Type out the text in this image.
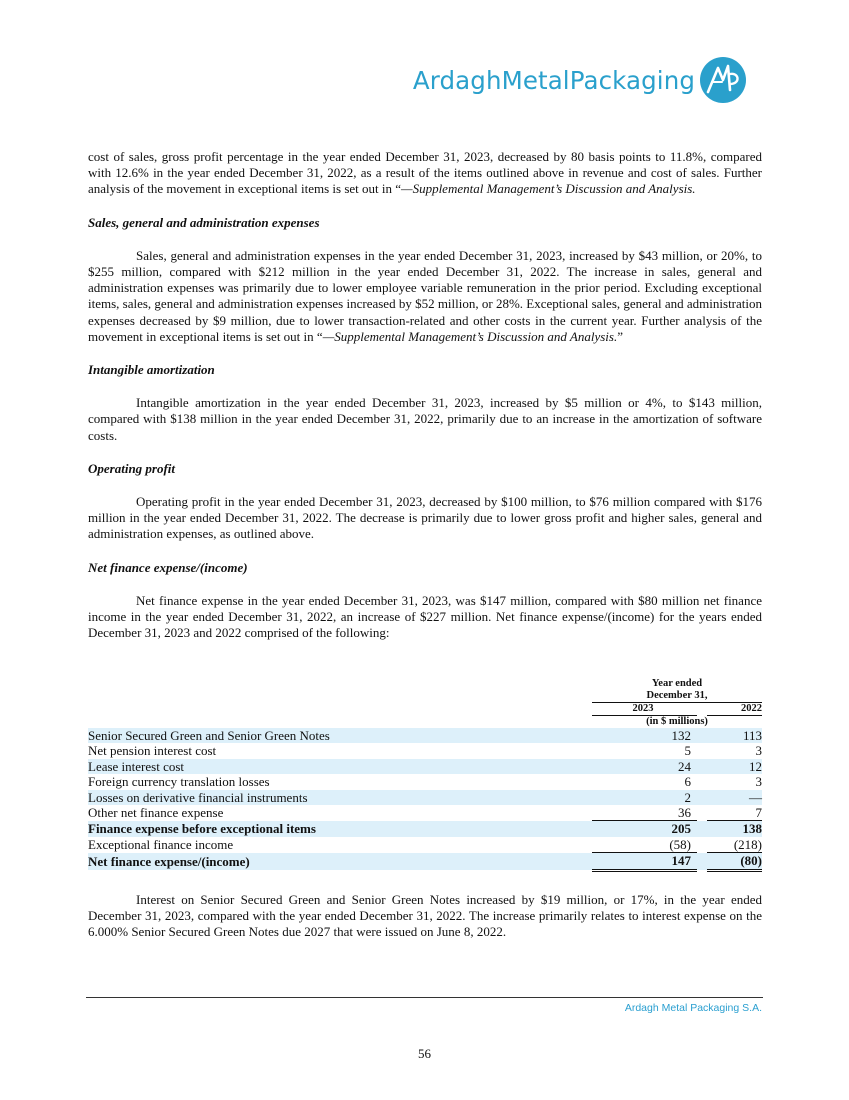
ArdaghMetalPackaging

cost of sales, gross profit percentage in the year ended December 31, 2023, decreased by 80 basis points to 11.8%, compared with 12.6% in the year ended December 31, 2022, as a result of the items outlined above in revenue and cost of sales. Further analysis of the movement in exceptional items is set out in “—Supplemental Management’s Discussion and Analysis.

Sales, general and administration expenses

Sales, general and administration expenses in the year ended December 31, 2023, increased by $43 million, or 20%, to $255 million, compared with $212 million in the year ended December 31, 2022. The increase in sales, general and administration expenses was primarily due to lower employee variable remuneration in the prior period. Excluding exceptional items, sales, general and administration expenses increased by $52 million, or 28%. Exceptional sales, general and administration expenses decreased by $9 million, due to lower transaction-related and other costs in the current year. Further analysis of the movement in exceptional items is set out in “—Supplemental Management’s Discussion and Analysis.”

Intangible amortization

Intangible amortization in the year ended December 31, 2023, increased by $5 million or 4%, to $143 million, compared with $138 million in the year ended December 31, 2022, primarily due to an increase in the amortization of software costs.

Operating profit

Operating profit in the year ended December 31, 2023, decreased by $100 million, to $76 million compared with $176 million in the year ended December 31, 2022. The decrease is primarily due to lower gross profit and higher sales, general and administration expenses, as outlined above.

Net finance expense/(income)

Net finance expense in the year ended December 31, 2023, was $147 million, compared with $80 million net finance income in the year ended December 31, 2022, an increase of $227 million. Net finance expense/(income) for the years ended December 31, 2023 and 2022 comprised of the following:

	Year ended		
	December 31,		
	2023		2022
	(in $ millions)		
Senior Secured Green and Senior Green Notes	132		113
Net pension interest cost	5		3
Lease interest cost	24		12
Foreign currency translation losses	6		3
Losses on derivative financial instruments	2		—
Other net finance expense	36		7
Finance expense before exceptional items	205		138
Exceptional finance income	(58)		(218)
Net finance expense/(income)	147		(80)

Interest on Senior Secured Green and Senior Green Notes increased by $19 million, or 17%, in the year ended December 31, 2023, compared with the year ended December 31, 2022. The increase primarily relates to interest expense on the 6.000% Senior Secured Green Notes due 2027 that were issued on June 8, 2022.

Ardagh Metal Packaging S.A.
56
